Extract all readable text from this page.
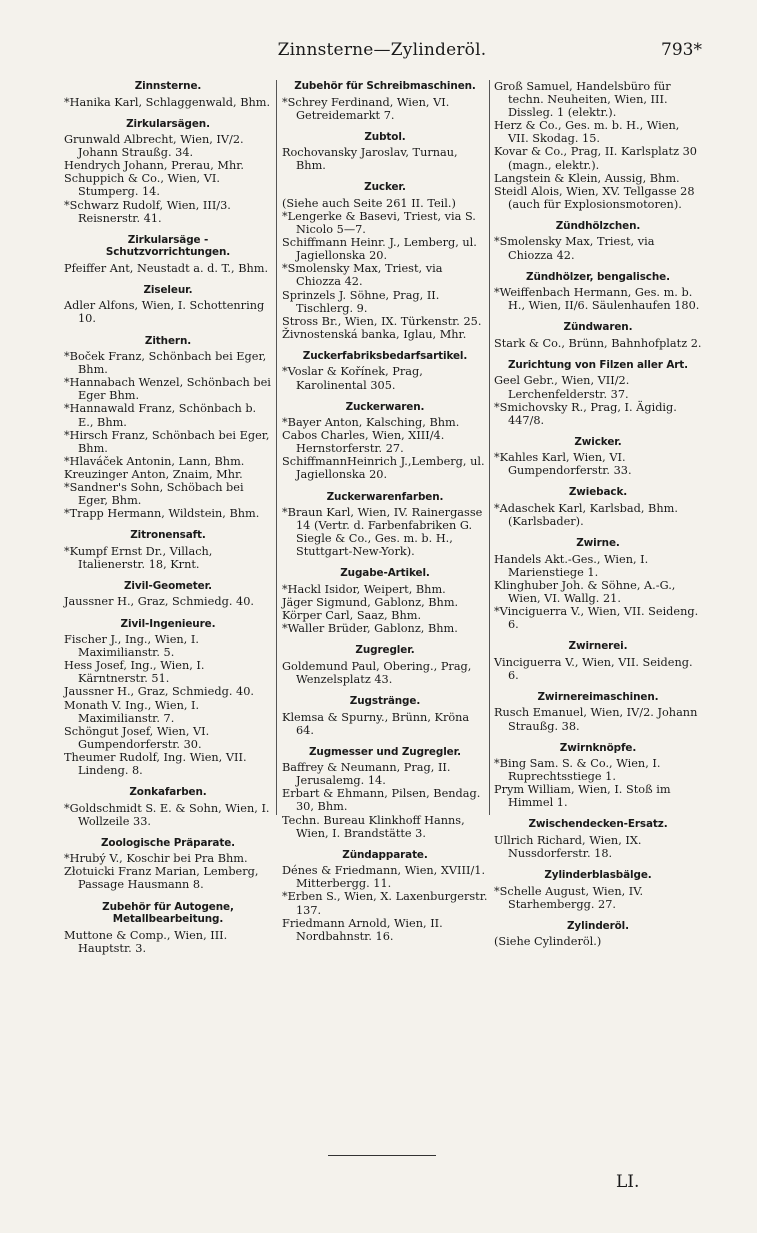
Zinnsterne—Zylinderöl.	793*
Zinnsterne.
*Hanika Karl, Schlaggenwald, Bhm.
Zirkularsägen.
Grunwald Albrecht, Wien, IV/2. Johann Straußg. 34.
Hendrych Johann, Prerau, Mhr.
Schuppich & Co., Wien, VI. Stumperg. 14.
*Schwarz Rudolf, Wien, III/3. Reisnerstr. 41.
Zirkularsäge - Schutzvorrichtungen.
Pfeiffer Ant, Neustadt a. d. T., Bhm.
Ziseleur.
Adler Alfons, Wien, I. Schottenring 10.
Zithern.
*Boček Franz, Schönbach bei Eger, Bhm.
*Hannabach Wenzel, Schönbach bei Eger Bhm.
*Hannawald Franz, Schönbach b. E., Bhm.
*Hirsch Franz, Schönbach bei Eger, Bhm.
*Hlaváček Antonin, Lann, Bhm.
Kreuzinger Anton, Znaim, Mhr.
*Sandner's Sohn, Schöbach bei Eger, Bhm.
*Trapp Hermann, Wildstein, Bhm.
Zitronensaft.
*Kumpf Ernst Dr., Villach, Italienerstr. 18, Krnt.
Zivil-Geometer.
Jaussner H., Graz, Schmiedg. 40.
Zivil-Ingenieure.
Fischer J., Ing., Wien, I. Maximilianstr. 5.
Hess Josef, Ing., Wien, I. Kärntnerstr. 51.
Jaussner H., Graz, Schmiedg. 40.
Monath V. Ing., Wien, I. Maximilianstr. 7.
Schöngut Josef, Wien, VI. Gumpendorferstr. 30.
Theumer Rudolf, Ing. Wien, VII. Lindeng. 8.
Zonkafarben.
*Goldschmidt S. E. & Sohn, Wien, I. Wollzeile 33.
Zoologische Präparate.
*Hrubý V., Koschir bei Pra Bhm.
Złotuicki Franz Marian, Lemberg, Passage Hausmann 8.
Zubehör für Autogene, Metallbearbeitung.
Muttone & Comp., Wien, III. Hauptstr. 3.
Zubehör für Schreibmaschinen.
*Schrey Ferdinand, Wien, VI. Getreidemarkt 7.
Zubtol.
Rochovansky Jaroslav, Turnau, Bhm.
Zucker.
(Siehe auch Seite 261 II. Teil.)
*Lengerke & Basevi, Triest, via S. Nicolo 5—7.
Schiffmann Heinr. J., Lemberg, ul. Jagiellonska 20.
*Smolensky Max, Triest, via Chiozza 42.
Sprinzels J. Söhne, Prag, II. Tischlerg. 9.
Stross Br., Wien, IX. Türkenstr. 25.
Živnostenská banka, Iglau, Mhr.
Zuckerfabriksbedarfsartikel.
*Voslar & Kořínek, Prag, Karolinental 305.
Zuckerwaren.
*Bayer Anton, Kalsching, Bhm.
Cabos Charles, Wien, XIII/4. Hernstorferstr. 27.
SchiffmannHeinrich J.,Lemberg, ul. Jagiellonska 20.
Zuckerwarenfarben.
*Braun Karl, Wien, IV. Rainergasse 14 (Vertr. d. Farbenfabriken G. Siegle & Co., Ges. m. b. H., Stuttgart-New-York).
Zugabe-Artikel.
*Hackl Isidor, Weipert, Bhm.
Jäger Sigmund, Gablonz, Bhm.
Körper Carl, Saaz, Bhm.
*Waller Brüder, Gablonz, Bhm.
Zugregler.
Goldemund Paul, Obering., Prag, Wenzelsplatz 43.
Zugstränge.
Klemsa & Spurny., Brünn, Kröna 64.
Zugmesser und Zugregler.
Baffrey & Neumann, Prag, II. Jerusalemg. 14.
Erbart & Ehmann, Pilsen, Bendag. 30, Bhm.
Techn. Bureau Klinkhoff Hanns, Wien, I. Brandstätte 3.
Zündapparate.
Dénes & Friedmann, Wien, XVIII/1. Mitterbergg. 11.
*Erben S., Wien, X. Laxenburgerstr. 137.
Friedmann Arnold, Wien, II. Nordbahnstr. 16.
Groß Samuel, Handelsbüro für techn. Neuheiten, Wien, III. Dissleg. 1 (elektr.).
Herz & Co., Ges. m. b. H., Wien, VII. Skodag. 15.
Kovar & Co., Prag, II. Karlsplatz 30 (magn., elektr.).
Langstein & Klein, Aussig, Bhm.
Steidl Alois, Wien, XV. Tellgasse 28 (auch für Explosionsmotoren).
Zündhölzchen.
*Smolensky Max, Triest, via Chiozza 42.
Zündhölzer, bengalische.
*Weiffenbach Hermann, Ges. m. b. H., Wien, II/6. Säulenhaufen 180.
Zündwaren.
Stark & Co., Brünn, Bahnhofplatz 2.
Zurichtung von Filzen aller Art.
Geel Gebr., Wien, VII/2. Lerchenfelderstr. 37.
*Smichovsky R., Prag, I. Ägidig. 447/8.
Zwicker.
*Kahles Karl, Wien, VI. Gumpendorferstr. 33.
Zwieback.
*Adaschek Karl, Karlsbad, Bhm. (Karlsbader).
Zwirne.
Handels Akt.-Ges., Wien, I. Marienstiege 1.
Klinghuber Joh. & Söhne, A.-G., Wien, VI. Wallg. 21.
*Vinciguerra V., Wien, VII. Seideng. 6.
Zwirnerei.
Vinciguerra V., Wien, VII. Seideng. 6.
Zwirnereimaschinen.
Rusch Emanuel, Wien, IV/2. Johann Straußg. 38.
Zwirnknöpfe.
*Bing Sam. S. & Co., Wien, I. Ruprechtsstiege 1.
Prym William, Wien, I. Stoß im Himmel 1.
Zwischendecken-Ersatz.
Ullrich Richard, Wien, IX. Nussdorferstr. 18.
Zylinderblasbälge.
*Schelle August, Wien, IV. Starhembergg. 27.
Zylinderöl.
(Siehe Cylinderöl.)
LI.
